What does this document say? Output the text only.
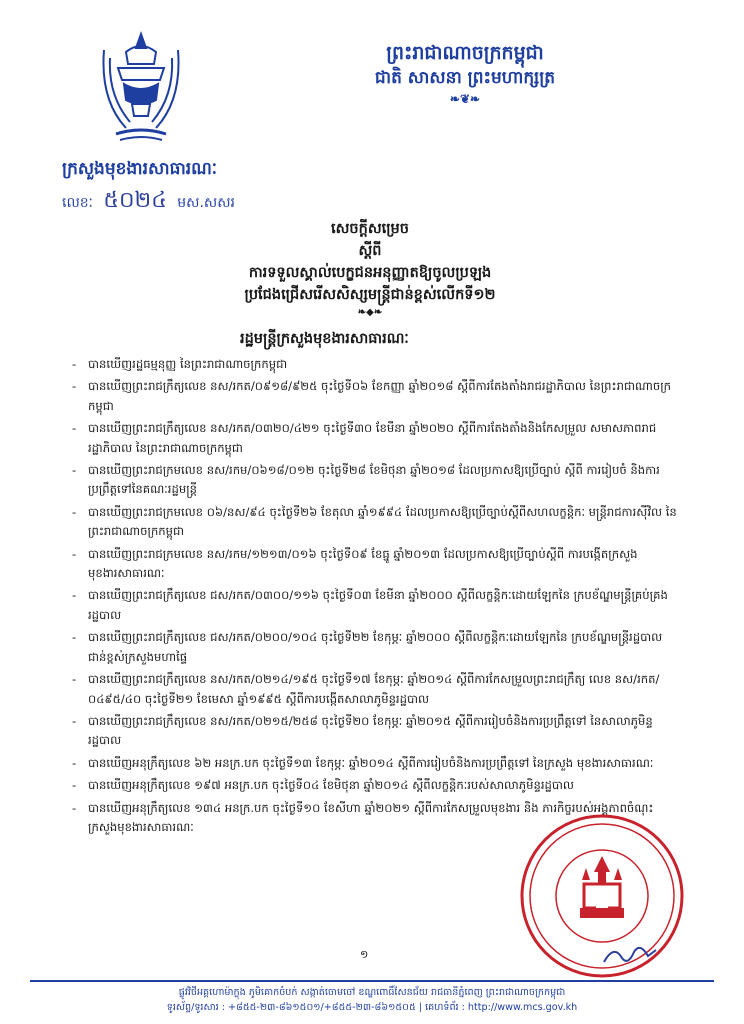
ព្រះរាជាណាចក្រកម្ពុជា
ជាតិ សាសនា ព្រះមហាក្សត្រ
❧❦❧
ក្រសួងមុខងារសាធារណៈ
លេខៈ ៥០២៤ មស.សសរ
សេចក្ដីសម្រេច
ស្ដីពី
ការទទួលស្គាល់បេក្ខជនអនុញ្ញាតឱ្យចូលប្រឡង
ប្រជែងជ្រើសរើសសិស្សមន្ត្រីជាន់ខ្ពស់លើកទី១២
❧◆❧
រដ្ឋមន្ត្រីក្រសួងមុខងារសាធារណៈ
- បានឃើញរដ្ឋធម្មនុញ្ញ នៃព្រះរាជាណាចក្រកម្ពុជា
- បានឃើញព្រះរាជក្រឹត្យលេខ នស/រកត/០៩១៨/៩២៥ ចុះថ្ងៃទី០៦ ខែកញ្ញា ឆ្នាំ២០១៨ ស្ដីពីការតែងតាំងរាជរដ្ឋាភិបាល នៃព្រះរាជាណាចក្រកម្ពុជា
- បានឃើញព្រះរាជក្រឹត្យលេខ នស/រកត/០៣២០/៤២១ ចុះថ្ងៃទី៣០ ខែមីនា ឆ្នាំ២០២០ ស្ដីពីការតែងតាំងនិងកែសម្រួល សមាសភាពរាជរដ្ឋាភិបាល នៃព្រះរាជាណាចក្រកម្ពុជា
- បានឃើញព្រះរាជក្រមលេខ នស/រកម/០៦១៨/០១២ ចុះថ្ងៃទី២៨ ខែមិថុនា ឆ្នាំ២០១៨ ដែលប្រកាសឱ្យប្រើច្បាប់ ស្ដីពី ការរៀបចំ និងការប្រព្រឹត្តទៅនៃគណៈរដ្ឋមន្ត្រី
- បានឃើញព្រះរាជក្រមលេខ ០៦/នស/៩៤ ចុះថ្ងៃទី២៦ ខែតុលា ឆ្នាំ១៩៩៤ ដែលប្រកាសឱ្យប្រើច្បាប់ស្ដីពីសហលក្ខន្តិកៈ មន្ត្រីរាជការស៊ីវិល នៃព្រះរាជាណាចក្រកម្ពុជា
- បានឃើញព្រះរាជក្រមលេខ នស/រកម/១២១៣/០១៦ ចុះថ្ងៃទី០៩ ខែធ្នូ ឆ្នាំ២០១៣ ដែលប្រកាសឱ្យប្រើច្បាប់ស្ដីពី ការបង្កើតក្រសួងមុខងារសាធារណៈ
- បានឃើញព្រះរាជក្រឹត្យលេខ ជស/រកត/០៣០០/១១៦ ចុះថ្ងៃទី០៣ ខែមីនា ឆ្នាំ២០០០ ស្ដីពីលក្ខន្តិកៈដោយឡែកនៃ ក្របខ័ណ្ឌមន្ត្រីគ្រប់គ្រងរដ្ឋបាល
- បានឃើញព្រះរាជក្រឹត្យលេខ ជស/រកត/០២០០/១០៤ ចុះថ្ងៃទី២២ ខែកុម្ភៈ ឆ្នាំ២០០០ ស្ដីពីលក្ខន្តិកៈដោយឡែកនៃ ក្របខ័ណ្ឌមន្ត្រីរដ្ឋបាលជាន់ខ្ពស់ក្រសួងមហាផ្ទៃ
- បានឃើញព្រះរាជក្រឹត្យលេខ នស/រកត/០២១៤/១៩៥ ចុះថ្ងៃទី១៧ ខែកុម្ភៈ ឆ្នាំ២០១៤ ស្ដីពីការកែសម្រួលព្រះរាជក្រឹត្យ លេខ នស/រកត/០៤៩៥/៤០ ចុះថ្ងៃទី២១ ខែមេសា ឆ្នាំ១៩៩៥ ស្ដីពីការបង្កើតសាលាភូមិន្ទរដ្ឋបាល
- បានឃើញព្រះរាជក្រឹត្យលេខ នស/រកត/០២១៥/២៥៨ ចុះថ្ងៃទី២០ ខែកុម្ភៈ ឆ្នាំ២០១៥ ស្ដីពីការរៀបចំនិងការប្រព្រឹត្តទៅ នៃសាលាភូមិន្ទរដ្ឋបាល
- បានឃើញអនុក្រឹត្យលេខ ៦២ អនក្រ.បក ចុះថ្ងៃទី១៣ ខែកុម្ភៈ ឆ្នាំ២០១៤ ស្ដីពីការរៀបចំនិងការប្រព្រឹត្តទៅ នៃក្រសួង មុខងារសាធារណៈ
- បានឃើញអនុក្រឹត្យលេខ ១៩៧ អនក្រ.បក ចុះថ្ងៃទី០៤ ខែមិថុនា ឆ្នាំ២០១៤ ស្ដីពីលក្ខន្តិកៈរបស់សាលាភូមិន្ទរដ្ឋបាល
- បានឃើញអនុក្រឹត្យលេខ ១៣៤ អនក្រ.បក ចុះថ្ងៃទី១០ ខែសីហា ឆ្នាំ២០២១ ស្ដីពីការកែសម្រួលមុខងារ និង ភារកិច្ចរបស់អង្គភាពចំណុះ ក្រសួងមុខងារសាធារណៈ
១
ផ្លូវវិថីអគ្គហោម៉ាក្លុង ភូមិគោកចំបក់ សង្កាត់ចោមចៅ ខណ្ឌពោធិ៍សែនជ័យ រាជធានីភ្នំពេញ ព្រះរាជាណាចក្រកម្ពុជា
ទូរស័ព្ទ/ទូរសារ : +៨៥៥-២៣-៨៦១៥០១/+៨៥៥-២៣-៨៦១៥០៥ | គេហទំព័រ : http://www.mcs.gov.kh
